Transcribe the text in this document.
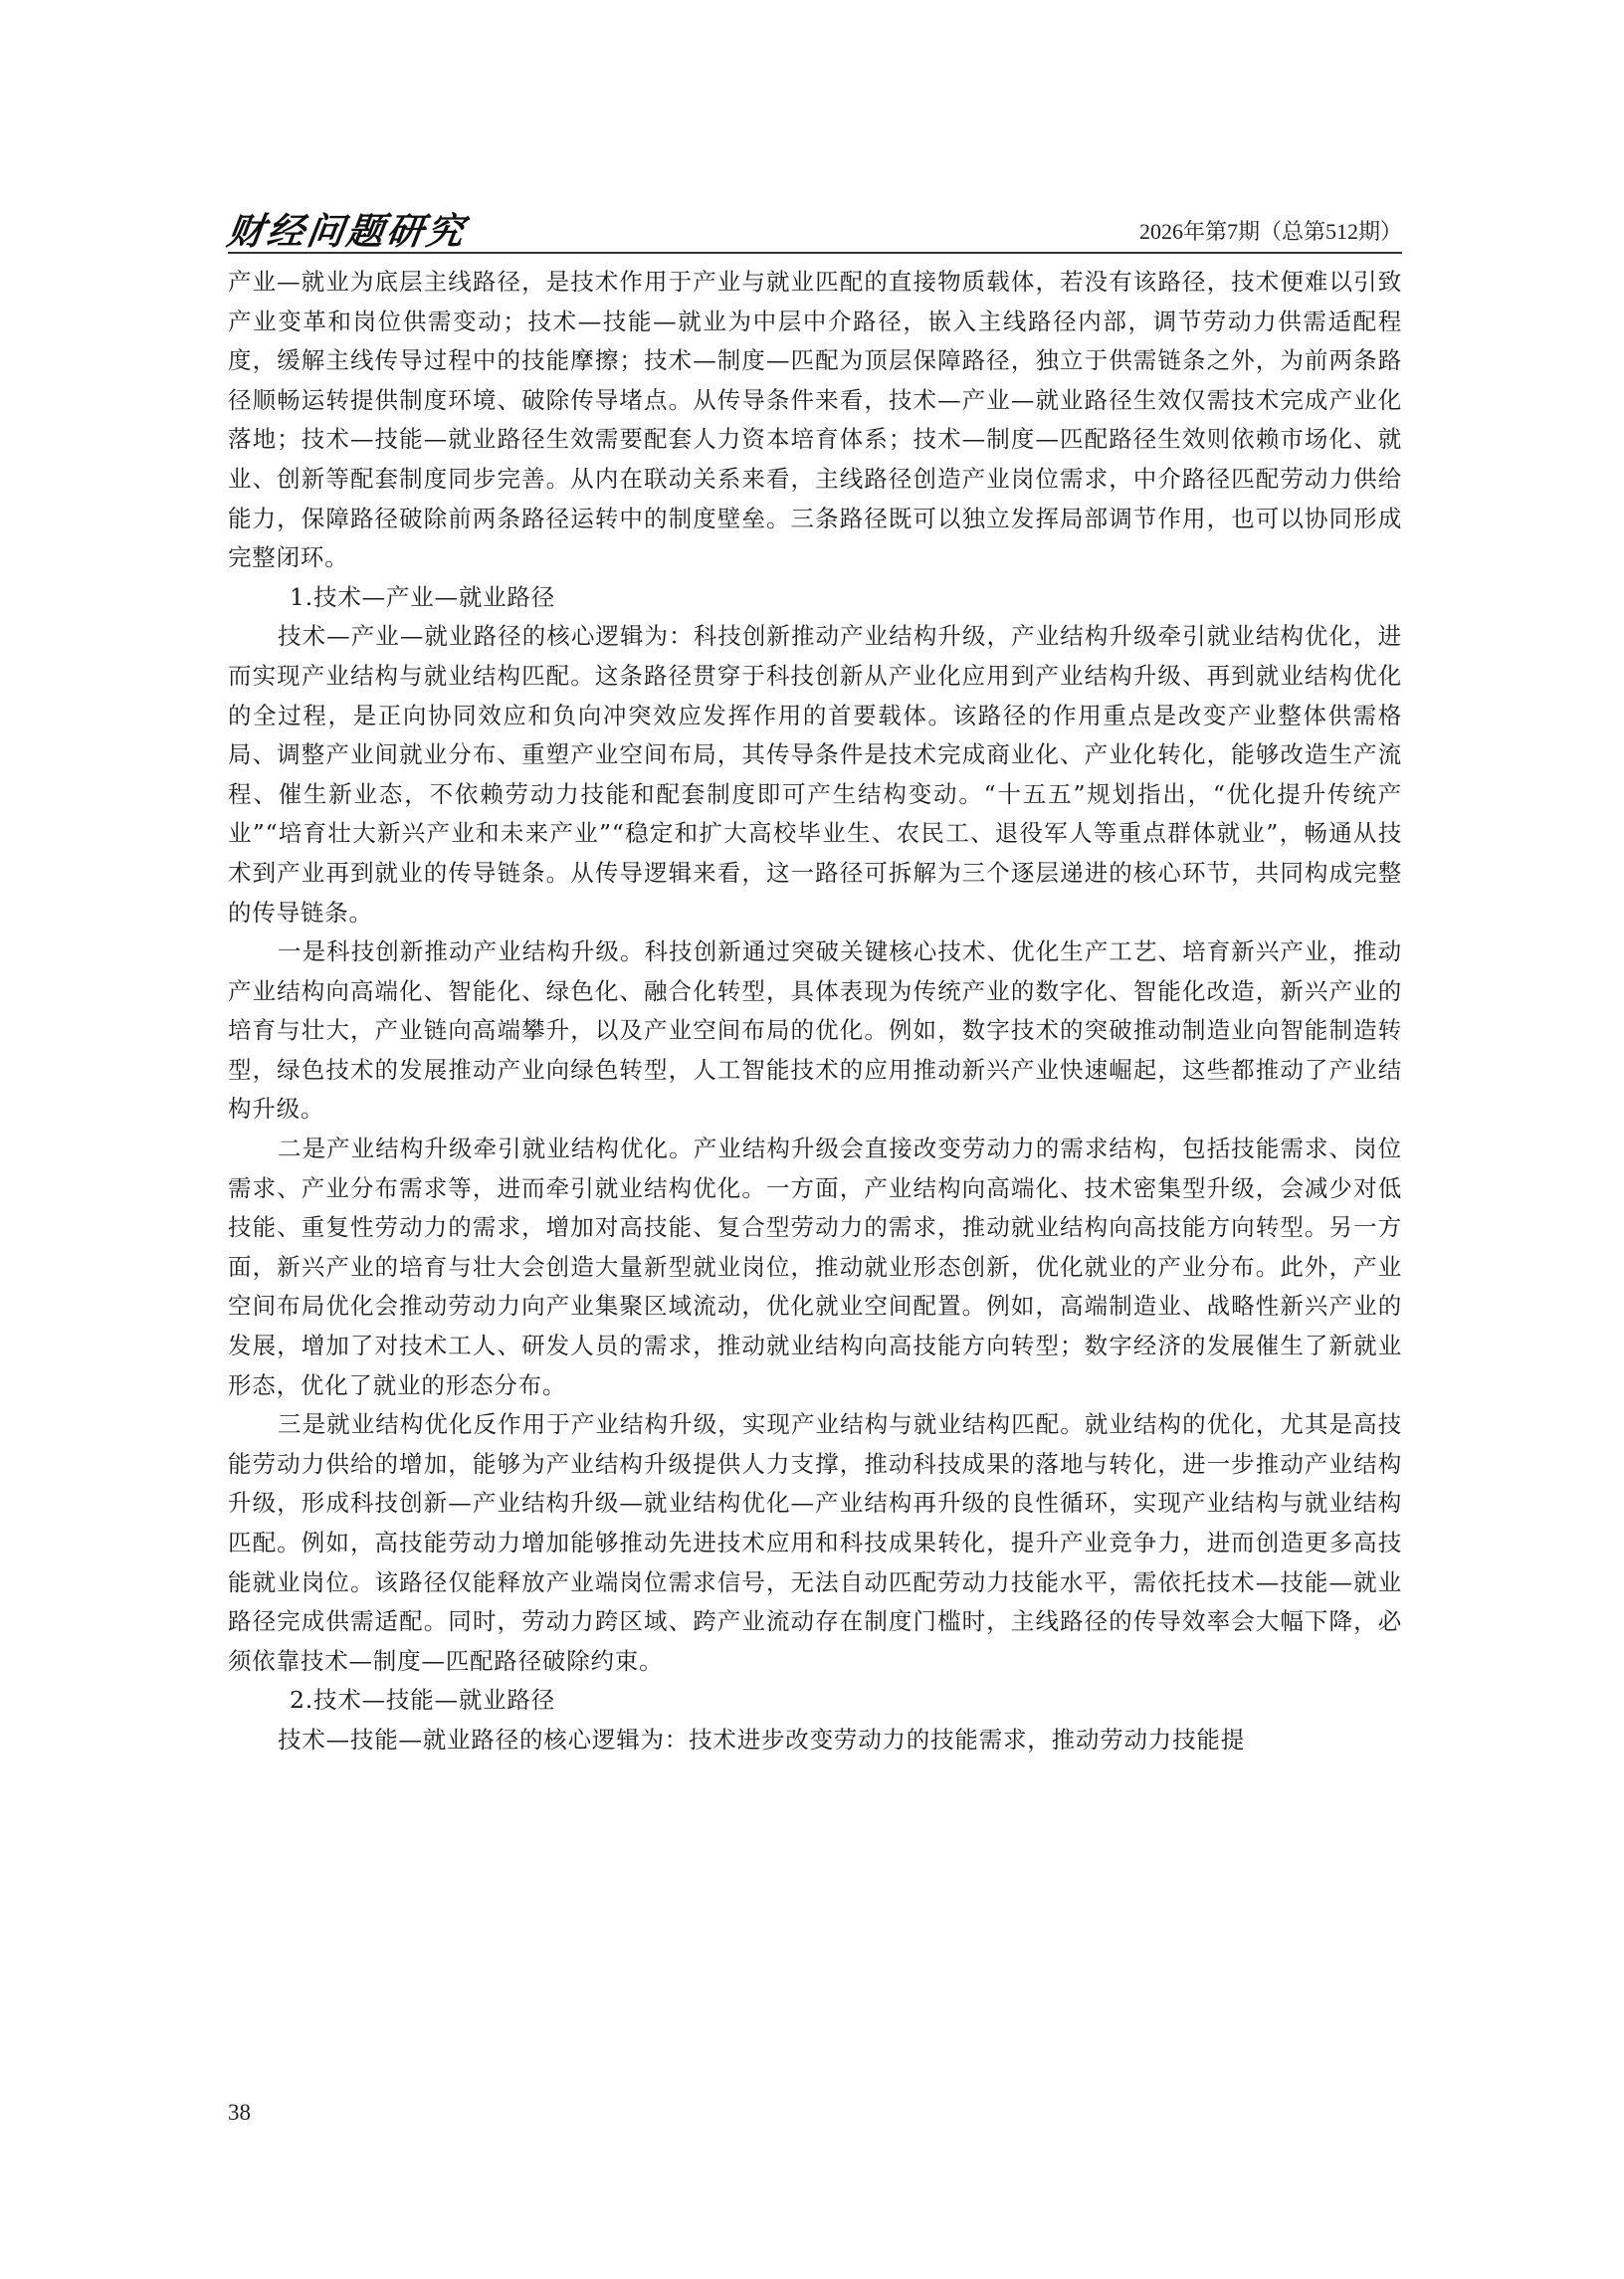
财经问题研究	2026年第7期（总第512期）

产业—就业为底层主线路径，是技术作用于产业与就业匹配的直接物质载体，若没有该路径，技术便难以引致产业变革和岗位供需变动；技术—技能—就业为中层中介路径，嵌入主线路径内部，调节劳动力供需适配程度，缓解主线传导过程中的技能摩擦；技术—制度—匹配为顶层保障路径，独立于供需链条之外，为前两条路径顺畅运转提供制度环境、破除传导堵点。从传导条件来看，技术—产业—就业路径生效仅需技术完成产业化落地；技术—技能—就业路径生效需要配套人力资本培育体系；技术—制度—匹配路径生效则依赖市场化、就业、创新等配套制度同步完善。从内在联动关系来看，主线路径创造产业岗位需求，中介路径匹配劳动力供给能力，保障路径破除前两条路径运转中的制度壁垒。三条路径既可以独立发挥局部调节作用，也可以协同形成完整闭环。

1.技术—产业—就业路径

技术—产业—就业路径的核心逻辑为：科技创新推动产业结构升级，产业结构升级牵引就业结构优化，进而实现产业结构与就业结构匹配。这条路径贯穿于科技创新从产业化应用到产业结构升级、再到就业结构优化的全过程，是正向协同效应和负向冲突效应发挥作用的首要载体。该路径的作用重点是改变产业整体供需格局、调整产业间就业分布、重塑产业空间布局，其传导条件是技术完成商业化、产业化转化，能够改造生产流程、催生新业态，不依赖劳动力技能和配套制度即可产生结构变动。“十五五”规划指出，“优化提升传统产业”“培育壮大新兴产业和未来产业”“稳定和扩大高校毕业生、农民工、退役军人等重点群体就业”，畅通从技术到产业再到就业的传导链条。从传导逻辑来看，这一路径可拆解为三个逐层递进的核心环节，共同构成完整的传导链条。

一是科技创新推动产业结构升级。科技创新通过突破关键核心技术、优化生产工艺、培育新兴产业，推动产业结构向高端化、智能化、绿色化、融合化转型，具体表现为传统产业的数字化、智能化改造，新兴产业的培育与壮大，产业链向高端攀升，以及产业空间布局的优化。例如，数字技术的突破推动制造业向智能制造转型，绿色技术的发展推动产业向绿色转型，人工智能技术的应用推动新兴产业快速崛起，这些都推动了产业结构升级。

二是产业结构升级牵引就业结构优化。产业结构升级会直接改变劳动力的需求结构，包括技能需求、岗位需求、产业分布需求等，进而牵引就业结构优化。一方面，产业结构向高端化、技术密集型升级，会减少对低技能、重复性劳动力的需求，增加对高技能、复合型劳动力的需求，推动就业结构向高技能方向转型。另一方面，新兴产业的培育与壮大会创造大量新型就业岗位，推动就业形态创新，优化就业的产业分布。此外，产业空间布局优化会推动劳动力向产业集聚区域流动，优化就业空间配置。例如，高端制造业、战略性新兴产业的发展，增加了对技术工人、研发人员的需求，推动就业结构向高技能方向转型；数字经济的发展催生了新就业形态，优化了就业的形态分布。

三是就业结构优化反作用于产业结构升级，实现产业结构与就业结构匹配。就业结构的优化，尤其是高技能劳动力供给的增加，能够为产业结构升级提供人力支撑，推动科技成果的落地与转化，进一步推动产业结构升级，形成科技创新—产业结构升级—就业结构优化—产业结构再升级的良性循环，实现产业结构与就业结构匹配。例如，高技能劳动力增加能够推动先进技术应用和科技成果转化，提升产业竞争力，进而创造更多高技能就业岗位。该路径仅能释放产业端岗位需求信号，无法自动匹配劳动力技能水平，需依托技术—技能—就业路径完成供需适配。同时，劳动力跨区域、跨产业流动存在制度门槛时，主线路径的传导效率会大幅下降，必须依靠技术—制度—匹配路径破除约束。

2.技术—技能—就业路径

技术—技能—就业路径的核心逻辑为：技术进步改变劳动力的技能需求，推动劳动力技能提

38
